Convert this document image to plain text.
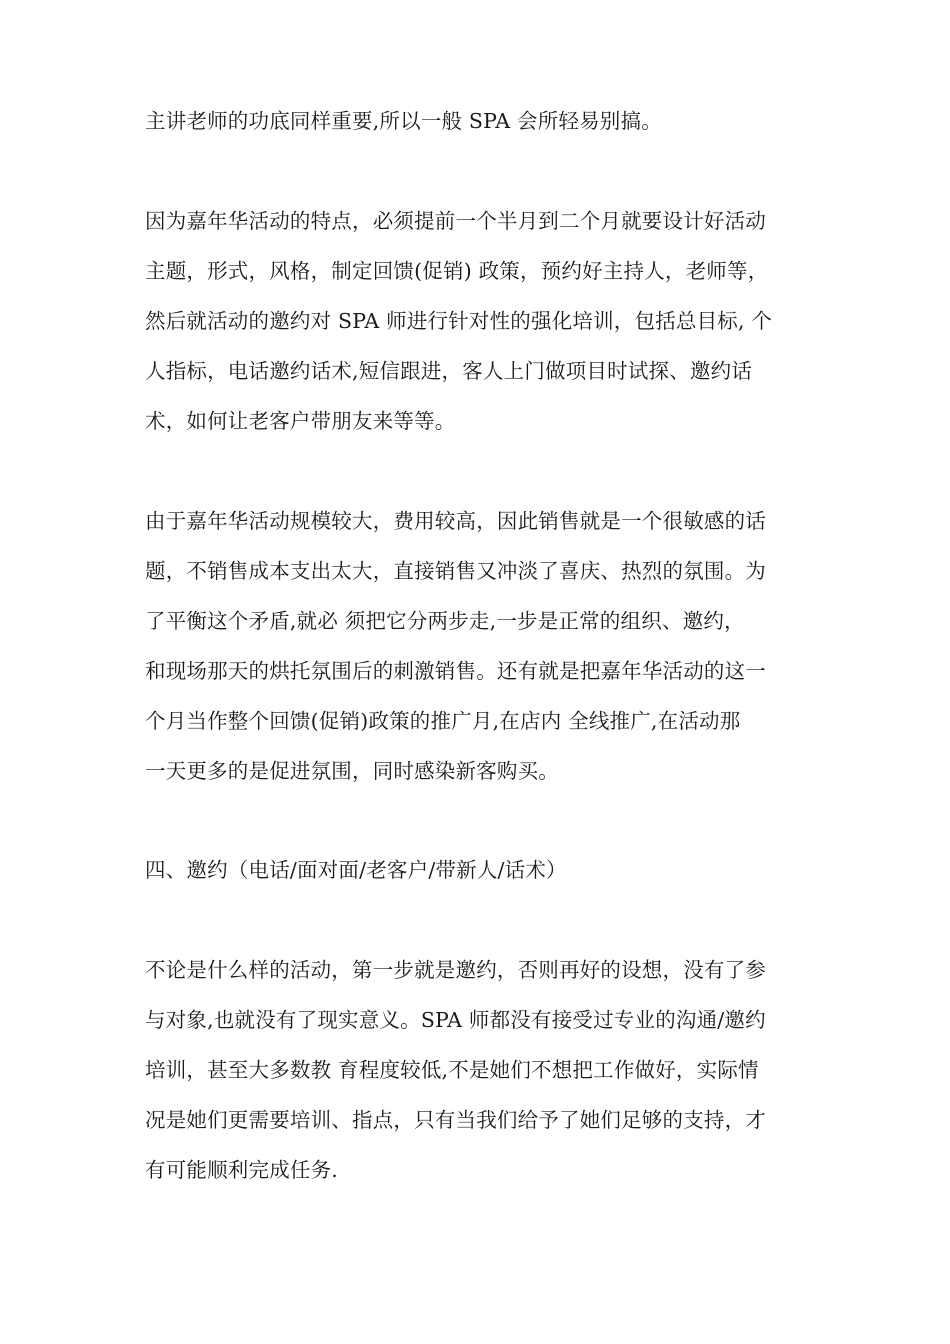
主讲老师的功底同样重要,所以一般 SPA 会所轻易别搞。
因为嘉年华活动的特点，必须提前一个半月到二个月就要设计好活动
主题，形式，风格，制定回馈(促销) 政策，预约好主持人，老师等，
然后就活动的邀约对 SPA 师进行针对性的强化培训，包括总目标, 个
人指标，电话邀约话术,短信跟进，客人上门做项目时试探、邀约话
术，如何让老客户带朋友来等等。
由于嘉年华活动规模较大，费用较高，因此销售就是一个很敏感的话
题，不销售成本支出太大，直接销售又冲淡了喜庆、热烈的氛围。为
了平衡这个矛盾,就必 须把它分两步走,一步是正常的组织、邀约，
和现场那天的烘托氛围后的刺激销售。还有就是把嘉年华活动的这一
个月当作整个回馈(促销)政策的推广月,在店内 全线推广,在活动那
一天更多的是促进氛围，同时感染新客购买。
四、邀约（电话/面对面/老客户/带新人/话术）
不论是什么样的活动，第一步就是邀约，否则再好的设想，没有了参
与对象,也就没有了现实意义。SPA 师都没有接受过专业的沟通/邀约
培训，甚至大多数教 育程度较低,不是她们不想把工作做好，实际情
况是她们更需要培训、指点，只有当我们给予了她们足够的支持，才
有可能顺利完成任务.
